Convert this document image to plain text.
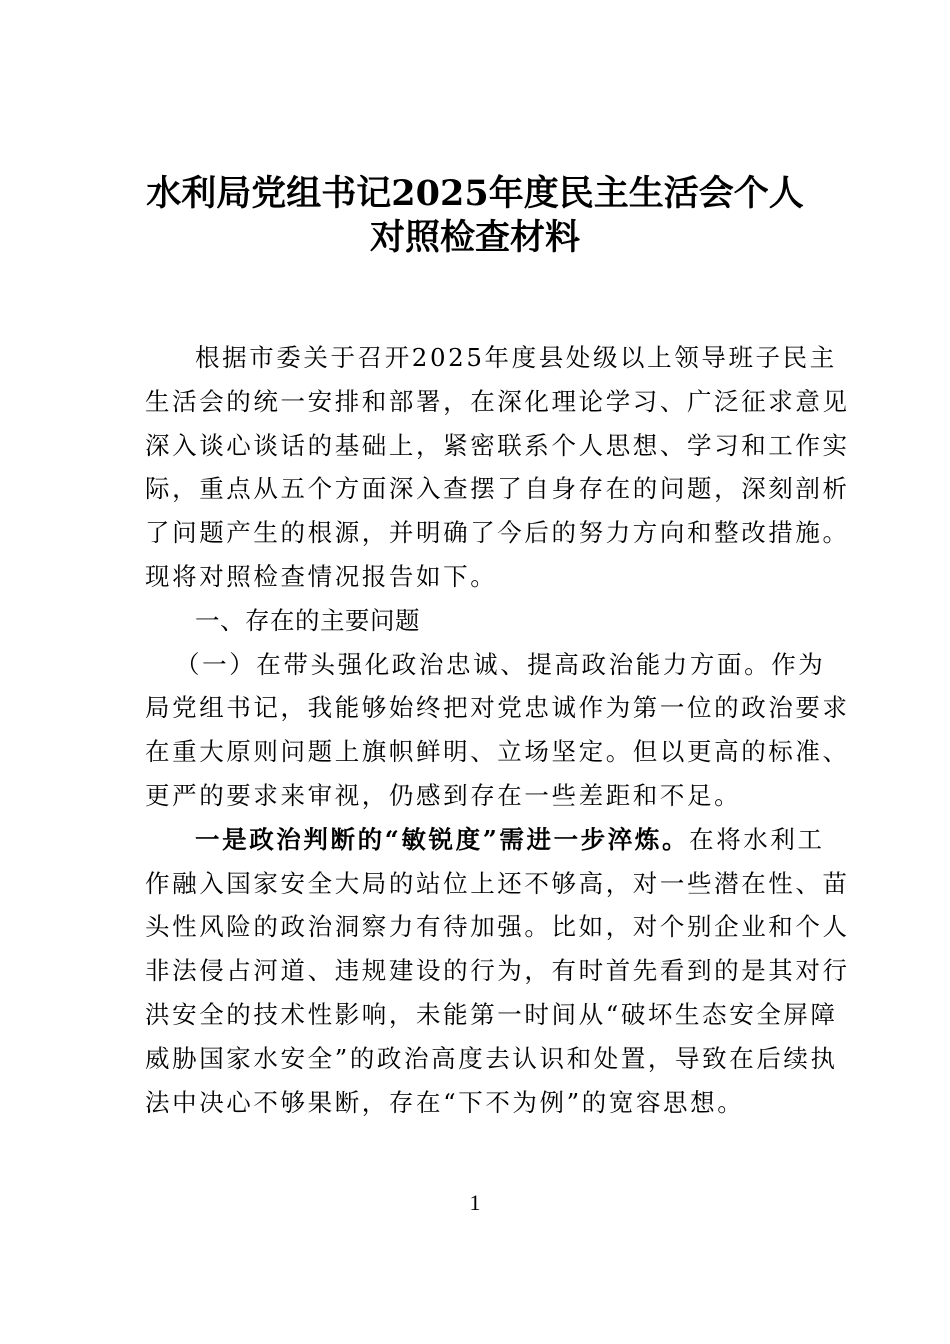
水利局党组书记2025年度民主生活会个人
对照检查材料
根据市委关于召开2025年度县处级以上领导班子民主
生活会的统一安排和部署，在深化理论学习、广泛征求意见
深入谈心谈话的基础上，紧密联系个人思想、学习和工作实
际，重点从五个方面深入查摆了自身存在的问题，深刻剖析
了问题产生的根源，并明确了今后的努力方向和整改措施。
现将对照检查情况报告如下。
一、存在的主要问题
（一）在带头强化政治忠诚、提高政治能力方面。作为
局党组书记，我能够始终把对党忠诚作为第一位的政治要求
在重大原则问题上旗帜鲜明、立场坚定。但以更高的标准、
更严的要求来审视，仍感到存在一些差距和不足。
一是政治判断的“敏锐度”需进一步淬炼。在将水利工
作融入国家安全大局的站位上还不够高，对一些潜在性、苗
头性风险的政治洞察力有待加强。比如，对个别企业和个人
非法侵占河道、违规建设的行为，有时首先看到的是其对行
洪安全的技术性影响，未能第一时间从“破坏生态安全屏障
威胁国家水安全”的政治高度去认识和处置，导致在后续执
法中决心不够果断，存在“下不为例”的宽容思想。
1
